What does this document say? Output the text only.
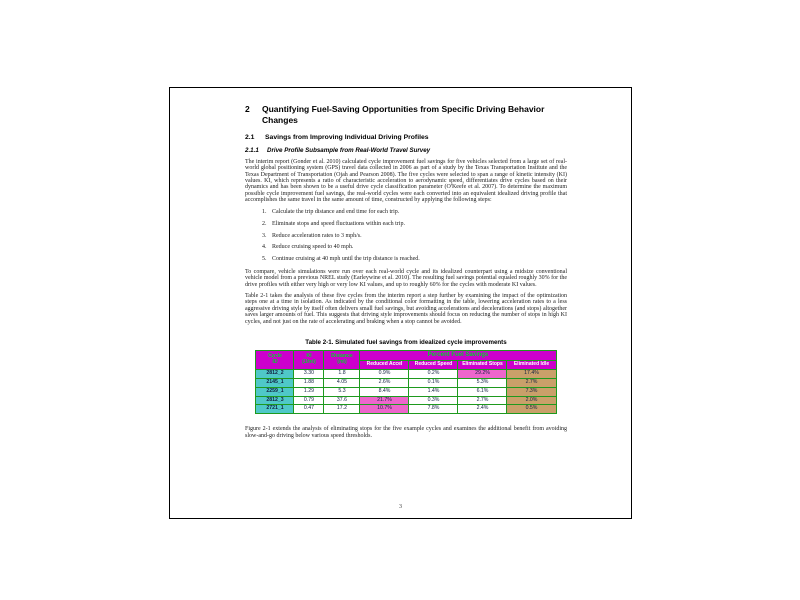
2	Quantifying Fuel-Saving Opportunities from Specific Driving Behavior Changes
2.1	Savings from Improving Individual Driving Profiles
2.1.1	Drive Profile Subsample from Real-World Travel Survey

The interim report (Gonder et al. 2010) calculated cycle improvement fuel savings for five vehicles selected from a large set of real-world global positioning system (GPS) travel data collected in 2006 as part of a study by the Texas Transportation Institute and the Texas Department of Transportation (Ojah and Pearson 2008). The five cycles were selected to span a range of kinetic intensity (KI) values. KI, which represents a ratio of characteristic acceleration to aerodynamic speed, differentiates drive cycles based on their dynamics and has been shown to be a useful drive cycle classification parameter (O'Keefe et al. 2007). To determine the maximum possible cycle improvement fuel savings, the real-world cycles were each converted into an equivalent idealized driving profile that accomplishes the same travel in the same amount of time, constructed by applying the following steps:

1. Calculate the trip distance and end time for each trip.
2. Eliminate stops and speed fluctuations within each trip.
3. Reduce acceleration rates to 3 mph/s.
4. Reduce cruising speed to 40 mph.
5. Continue cruising at 40 mph until the trip distance is reached.

To compare, vehicle simulations were run over each real-world cycle and its idealized counterpart using a midsize conventional vehicle model from a previous NREL study (Earleywine et al. 2010). The resulting fuel savings potential equaled roughly 30% for the drive profiles with either very high or very low KI values, and up to roughly 60% for the cycles with moderate KI values.

Table 2-1 takes the analysis of these five cycles from the interim report a step further by examining the impact of the optimization steps one at a time in isolation. As indicated by the conditional color formatting in the table, lowering acceleration rates to a less aggressive driving style by itself often delivers small fuel savings, but avoiding accelerations and decelerations (and stops) altogether saves larger amounts of fuel. This suggests that driving style improvements should focus on reducing the number of stops in high KI cycles, and not just on the rate of accelerating and braking when a stop cannot be avoided.

Table 2-1. Simulated fuel savings from idealized cycle improvements
Cycle
ID

KI
(1/mi)

Distance
(mi)
	Percent Fuel Savings
			Reduced Accel	Reduced Speed	Eliminated Stops	Eliminated Idle
2812_2	3.30	1.8	0.9%	0.2%	29.2%	17.4%
2145_1	1.88	4.05	2.6%	0.1%	5.3%	2.7%
2259_1	1.29	5.3	8.4%	1.4%	6.1%	7.3%
2812_3	0.79	37.6	21.7%	0.3%	2.7%	2.0%
2721_1	0.47	17.2	10.7%	7.8%	2.4%	0.5%

Figure 2-1 extends the analysis of eliminating stops for the five example cycles and examines the additional benefit from avoiding slow-and-go driving below various speed thresholds.

3
